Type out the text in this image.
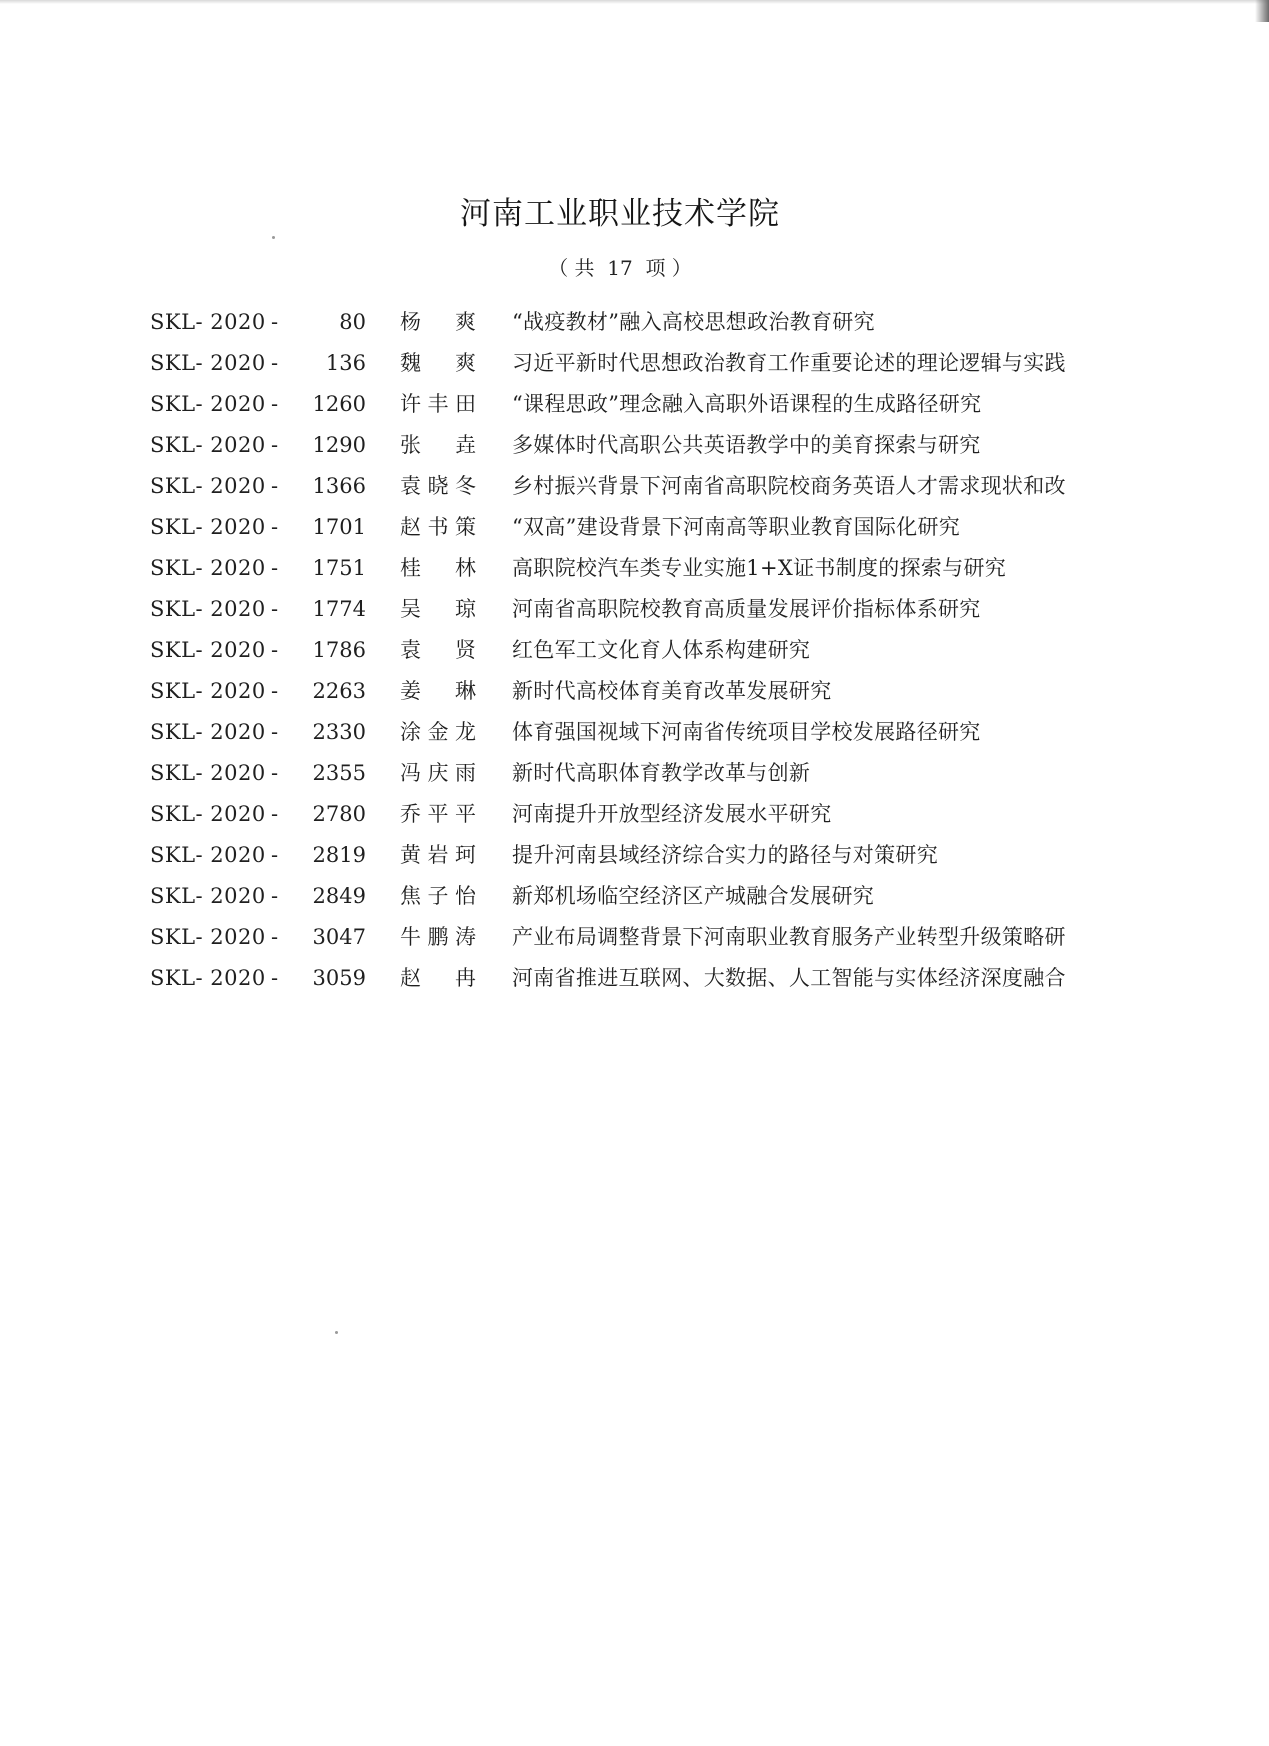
河南工业职业技术学院
（ 共  17  项 ）
SKL- 2020 -	80 杨爽 “战疫教材”融入高校思想政治教育研究
SKL- 2020 -	136 魏爽 习近平新时代思想政治教育工作重要论述的理论逻辑与实践
SKL- 2020 -	1260 许丰田 “课程思政”理念融入高职外语课程的生成路径研究
SKL- 2020 -	1290 张垚 多媒体时代高职公共英语教学中的美育探索与研究
SKL- 2020 -	1366 袁晓冬 乡村振兴背景下河南省高职院校商务英语人才需求现状和改
SKL- 2020 -	1701 赵书策 “双高”建设背景下河南高等职业教育国际化研究
SKL- 2020 -	1751 桂林 高职院校汽车类专业实施1+X证书制度的探索与研究
SKL- 2020 -	1774 吴琼 河南省高职院校教育高质量发展评价指标体系研究
SKL- 2020 -	1786 袁贤 红色军工文化育人体系构建研究
SKL- 2020 -	2263 姜琳 新时代高校体育美育改革发展研究
SKL- 2020 -	2330 涂金龙 体育强国视域下河南省传统项目学校发展路径研究
SKL- 2020 -	2355 冯庆雨 新时代高职体育教学改革与创新
SKL- 2020 -	2780 乔平平 河南提升开放型经济发展水平研究
SKL- 2020 -	2819 黄岩珂 提升河南县域经济综合实力的路径与对策研究
SKL- 2020 -	2849 焦子怡 新郑机场临空经济区产城融合发展研究
SKL- 2020 -	3047 牛鹏涛 产业布局调整背景下河南职业教育服务产业转型升级策略研
SKL- 2020 -	3059 赵冉 河南省推进互联网、大数据、人工智能与实体经济深度融合
